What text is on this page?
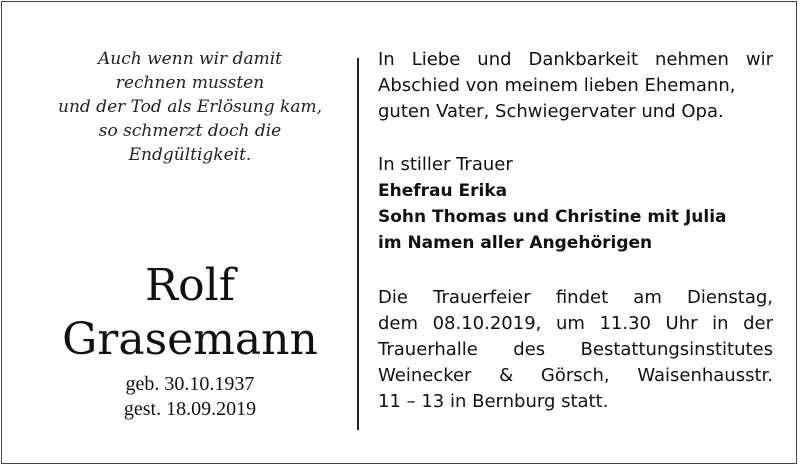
Auch wenn wir damit
rechnen mussten
und der Tod als Erlösung kam,
so schmerzt doch die
Endgültigkeit.
Rolf
Grasemann
geb. 30.10.1937
gest. 18.09.2019
In Liebe und Dankbarkeit nehmen wir
Abschied von meinem lieben Ehemann,
guten Vater, Schwiegervater und Opa.
In stiller Trauer
Ehefrau Erika
Sohn Thomas und Christine mit Julia
im Namen aller Angehörigen
Die Trauerfeier findet am Dienstag,
dem 08.10.2019, um 11.30 Uhr in der
Trauerhalle des Bestattungsinstitutes
Weinecker & Görsch, Waisenhausstr.
11 – 13 in Bernburg statt.
